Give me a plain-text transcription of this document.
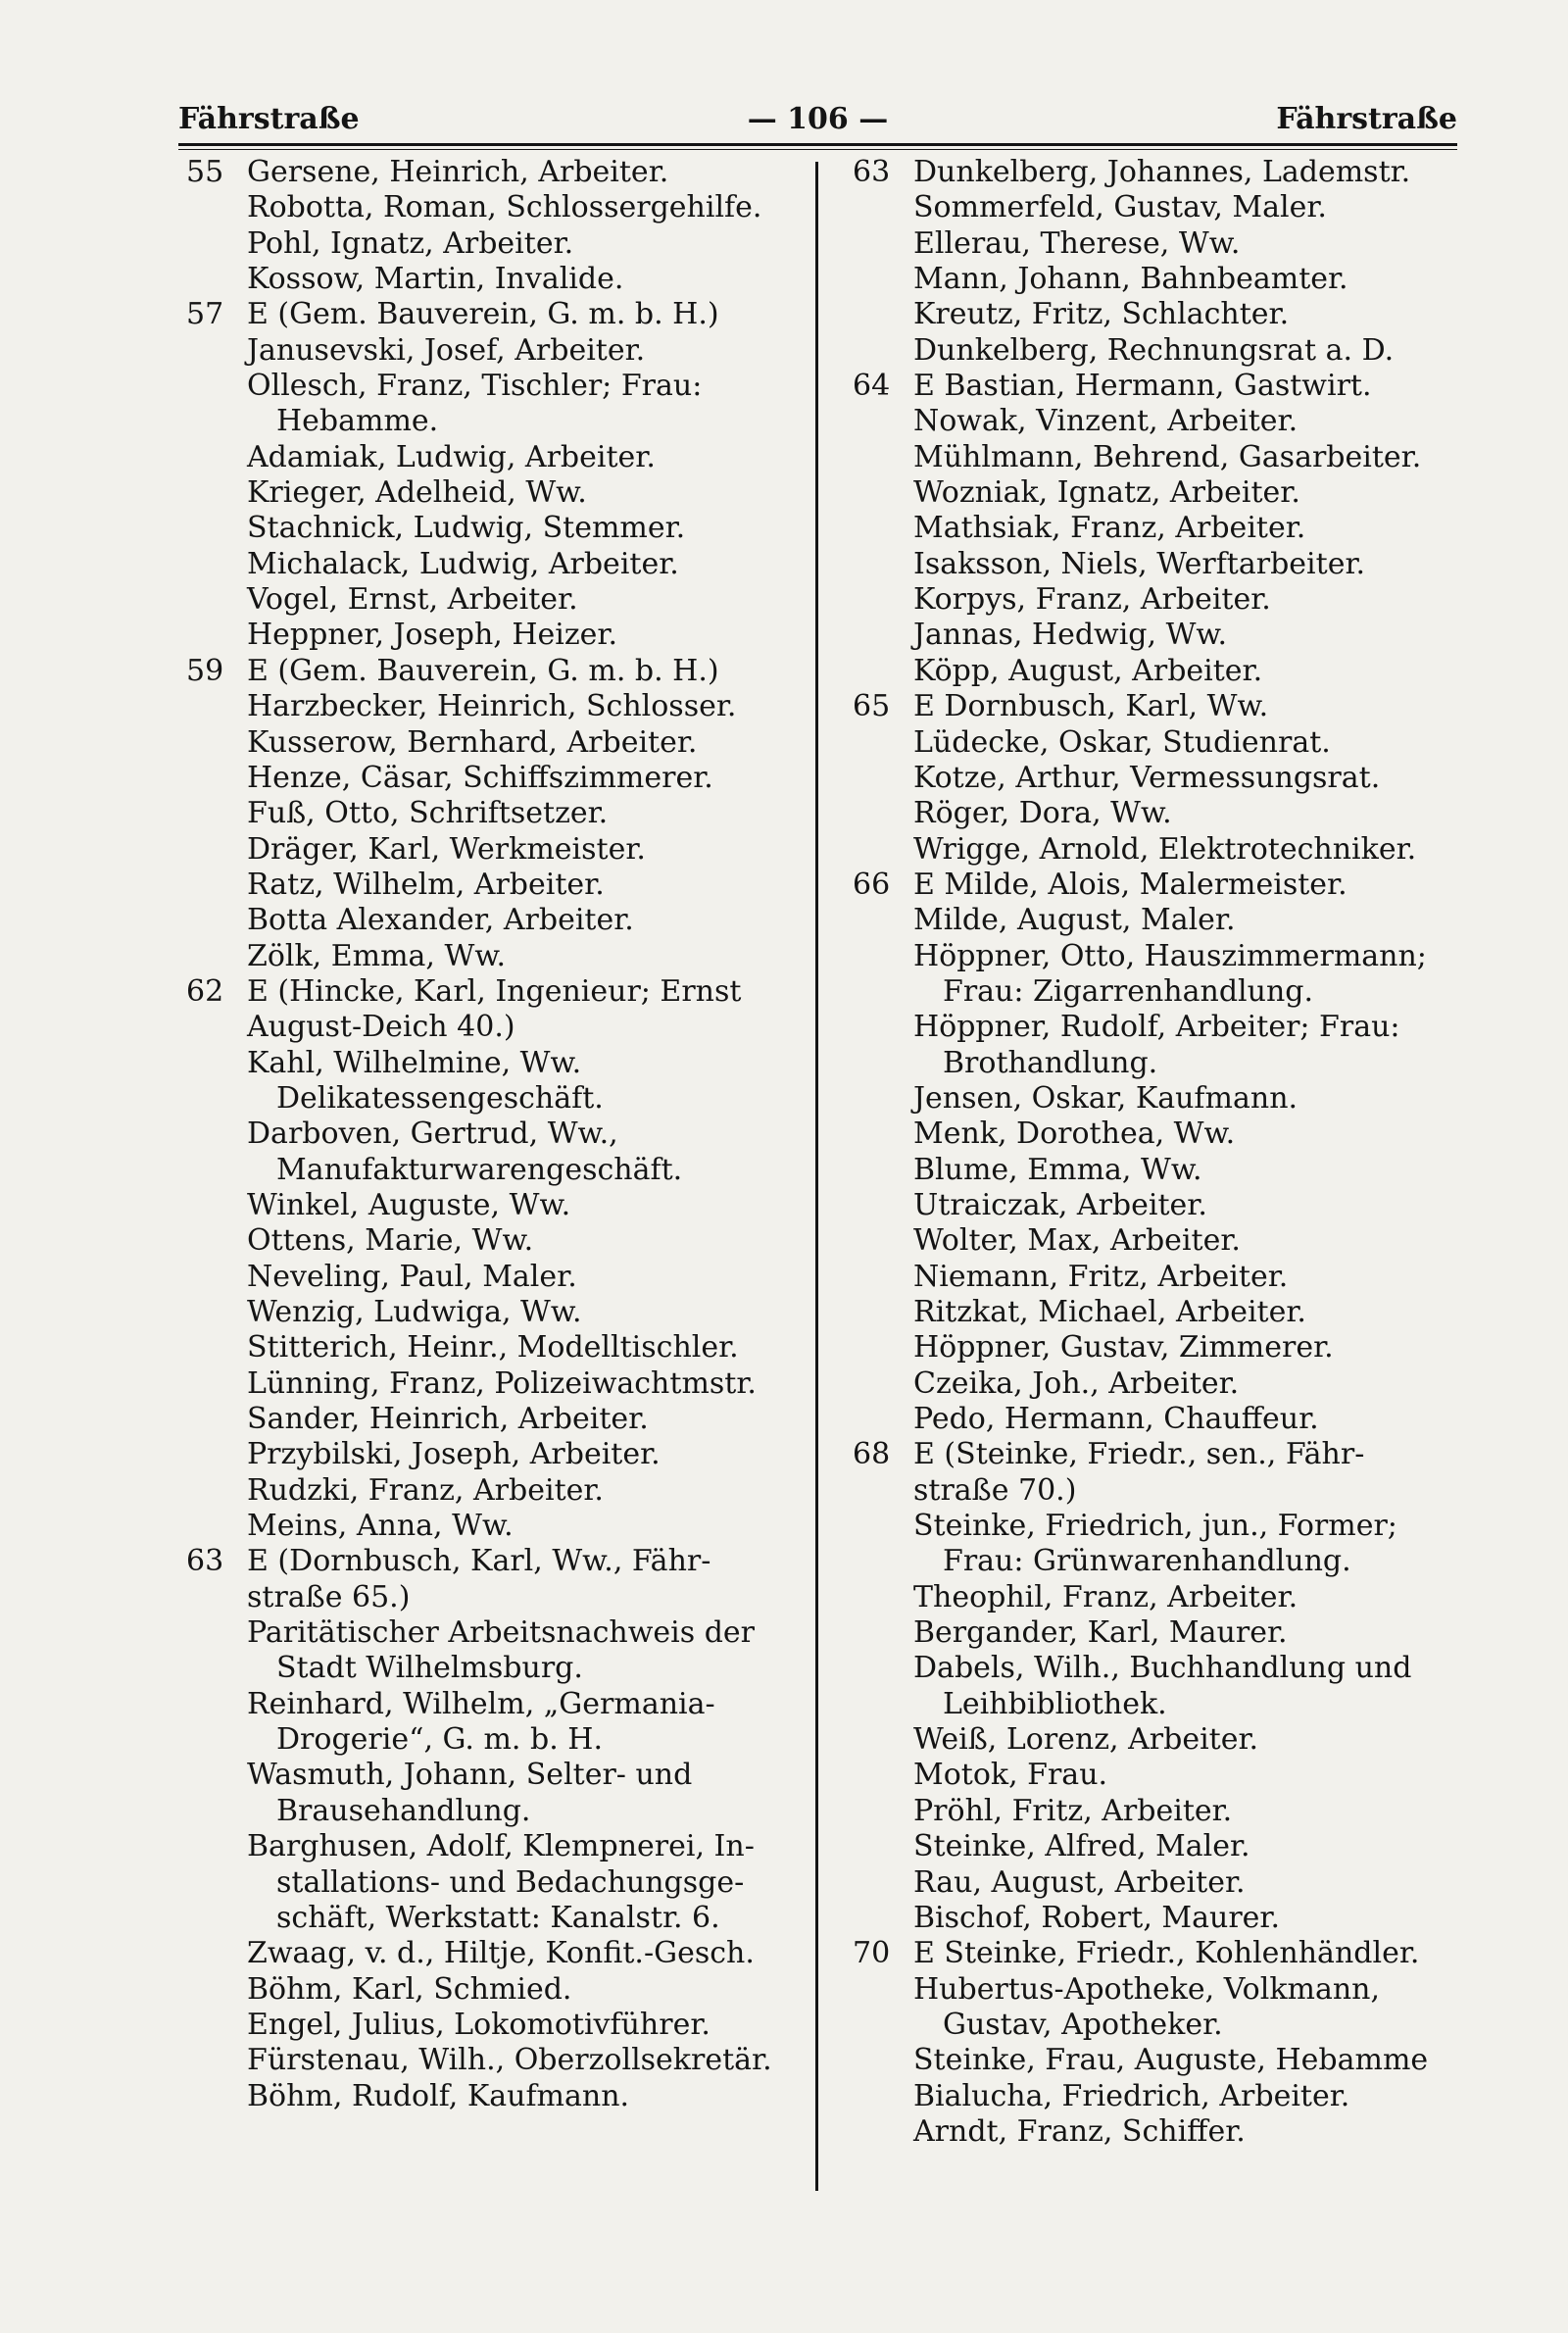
Fährstraße	— 106 —	Fährstraße
55 Gersene, Heinrich, Arbeiter.
Robotta, Roman, Schlossergehilfe.
Pohl, Ignatz, Arbeiter.
Kossow, Martin, Invalide.
57 E (Gem. Bauverein, G. m. b. H.)
Janusevski, Josef, Arbeiter.
Ollesch, Franz, Tischler; Frau:
Hebamme.
Adamiak, Ludwig, Arbeiter.
Krieger, Adelheid, Ww.
Stachnick, Ludwig, Stemmer.
Michalack, Ludwig, Arbeiter.
Vogel, Ernst, Arbeiter.
Heppner, Joseph, Heizer.
59 E (Gem. Bauverein, G. m. b. H.)
Harzbecker, Heinrich, Schlosser.
Kusserow, Bernhard, Arbeiter.
Henze, Cäsar, Schiffszimmerer.
Fuß, Otto, Schriftsetzer.
Dräger, Karl, Werkmeister.
Ratz, Wilhelm, Arbeiter.
Botta Alexander, Arbeiter.
Zölk, Emma, Ww.
62 E (Hincke, Karl, Ingenieur; Ernst
August-Deich 40.)
Kahl, Wilhelmine, Ww.
Delikatessengeschäft.
Darboven, Gertrud, Ww.,
Manufakturwarengeschäft.
Winkel, Auguste, Ww.
Ottens, Marie, Ww.
Neveling, Paul, Maler.
Wenzig, Ludwiga, Ww.
Stitterich, Heinr., Modelltischler.
Lünning, Franz, Polizeiwachtmstr.
Sander, Heinrich, Arbeiter.
Przybilski, Joseph, Arbeiter.
Rudzki, Franz, Arbeiter.
Meins, Anna, Ww.
63 E (Dornbusch, Karl, Ww., Fähr-
straße 65.)
Paritätischer Arbeitsnachweis der
Stadt Wilhelmsburg.
Reinhard, Wilhelm, „Germania-
Drogerie“, G. m. b. H.
Wasmuth, Johann, Selter- und
Brausehandlung.
Barghusen, Adolf, Klempnerei, In-
stallations- und Bedachungsge-
schäft, Werkstatt: Kanalstr. 6.
Zwaag, v. d., Hiltje, Konfit.-Gesch.
Böhm, Karl, Schmied.
Engel, Julius, Lokomotivführer.
Fürstenau, Wilh., Oberzollsekretär.
Böhm, Rudolf, Kaufmann.
63 Dunkelberg, Johannes, Lademstr.
Sommerfeld, Gustav, Maler.
Ellerau, Therese, Ww.
Mann, Johann, Bahnbeamter.
Kreutz, Fritz, Schlachter.
Dunkelberg, Rechnungsrat a. D.
64 E Bastian, Hermann, Gastwirt.
Nowak, Vinzent, Arbeiter.
Mühlmann, Behrend, Gasarbeiter.
Wozniak, Ignatz, Arbeiter.
Mathsiak, Franz, Arbeiter.
Isaksson, Niels, Werftarbeiter.
Korpys, Franz, Arbeiter.
Jannas, Hedwig, Ww.
Köpp, August, Arbeiter.
65 E Dornbusch, Karl, Ww.
Lüdecke, Oskar, Studienrat.
Kotze, Arthur, Vermessungsrat.
Röger, Dora, Ww.
Wrigge, Arnold, Elektrotechniker.
66 E Milde, Alois, Malermeister.
Milde, August, Maler.
Höppner, Otto, Hauszimmermann;
Frau: Zigarrenhandlung.
Höppner, Rudolf, Arbeiter; Frau:
Brothandlung.
Jensen, Oskar, Kaufmann.
Menk, Dorothea, Ww.
Blume, Emma, Ww.
Utraiczak, Arbeiter.
Wolter, Max, Arbeiter.
Niemann, Fritz, Arbeiter.
Ritzkat, Michael, Arbeiter.
Höppner, Gustav, Zimmerer.
Czeika, Joh., Arbeiter.
Pedo, Hermann, Chauffeur.
68 E (Steinke, Friedr., sen., Fähr-
straße 70.)
Steinke, Friedrich, jun., Former;
Frau: Grünwarenhandlung.
Theophil, Franz, Arbeiter.
Bergander, Karl, Maurer.
Dabels, Wilh., Buchhandlung und
Leihbibliothek.
Weiß, Lorenz, Arbeiter.
Motok, Frau.
Pröhl, Fritz, Arbeiter.
Steinke, Alfred, Maler.
Rau, August, Arbeiter.
Bischof, Robert, Maurer.
70 E Steinke, Friedr., Kohlenhändler.
Hubertus-Apotheke, Volkmann,
Gustav, Apotheker.
Steinke, Frau, Auguste, Hebamme
Bialucha, Friedrich, Arbeiter.
Arndt, Franz, Schiffer.
